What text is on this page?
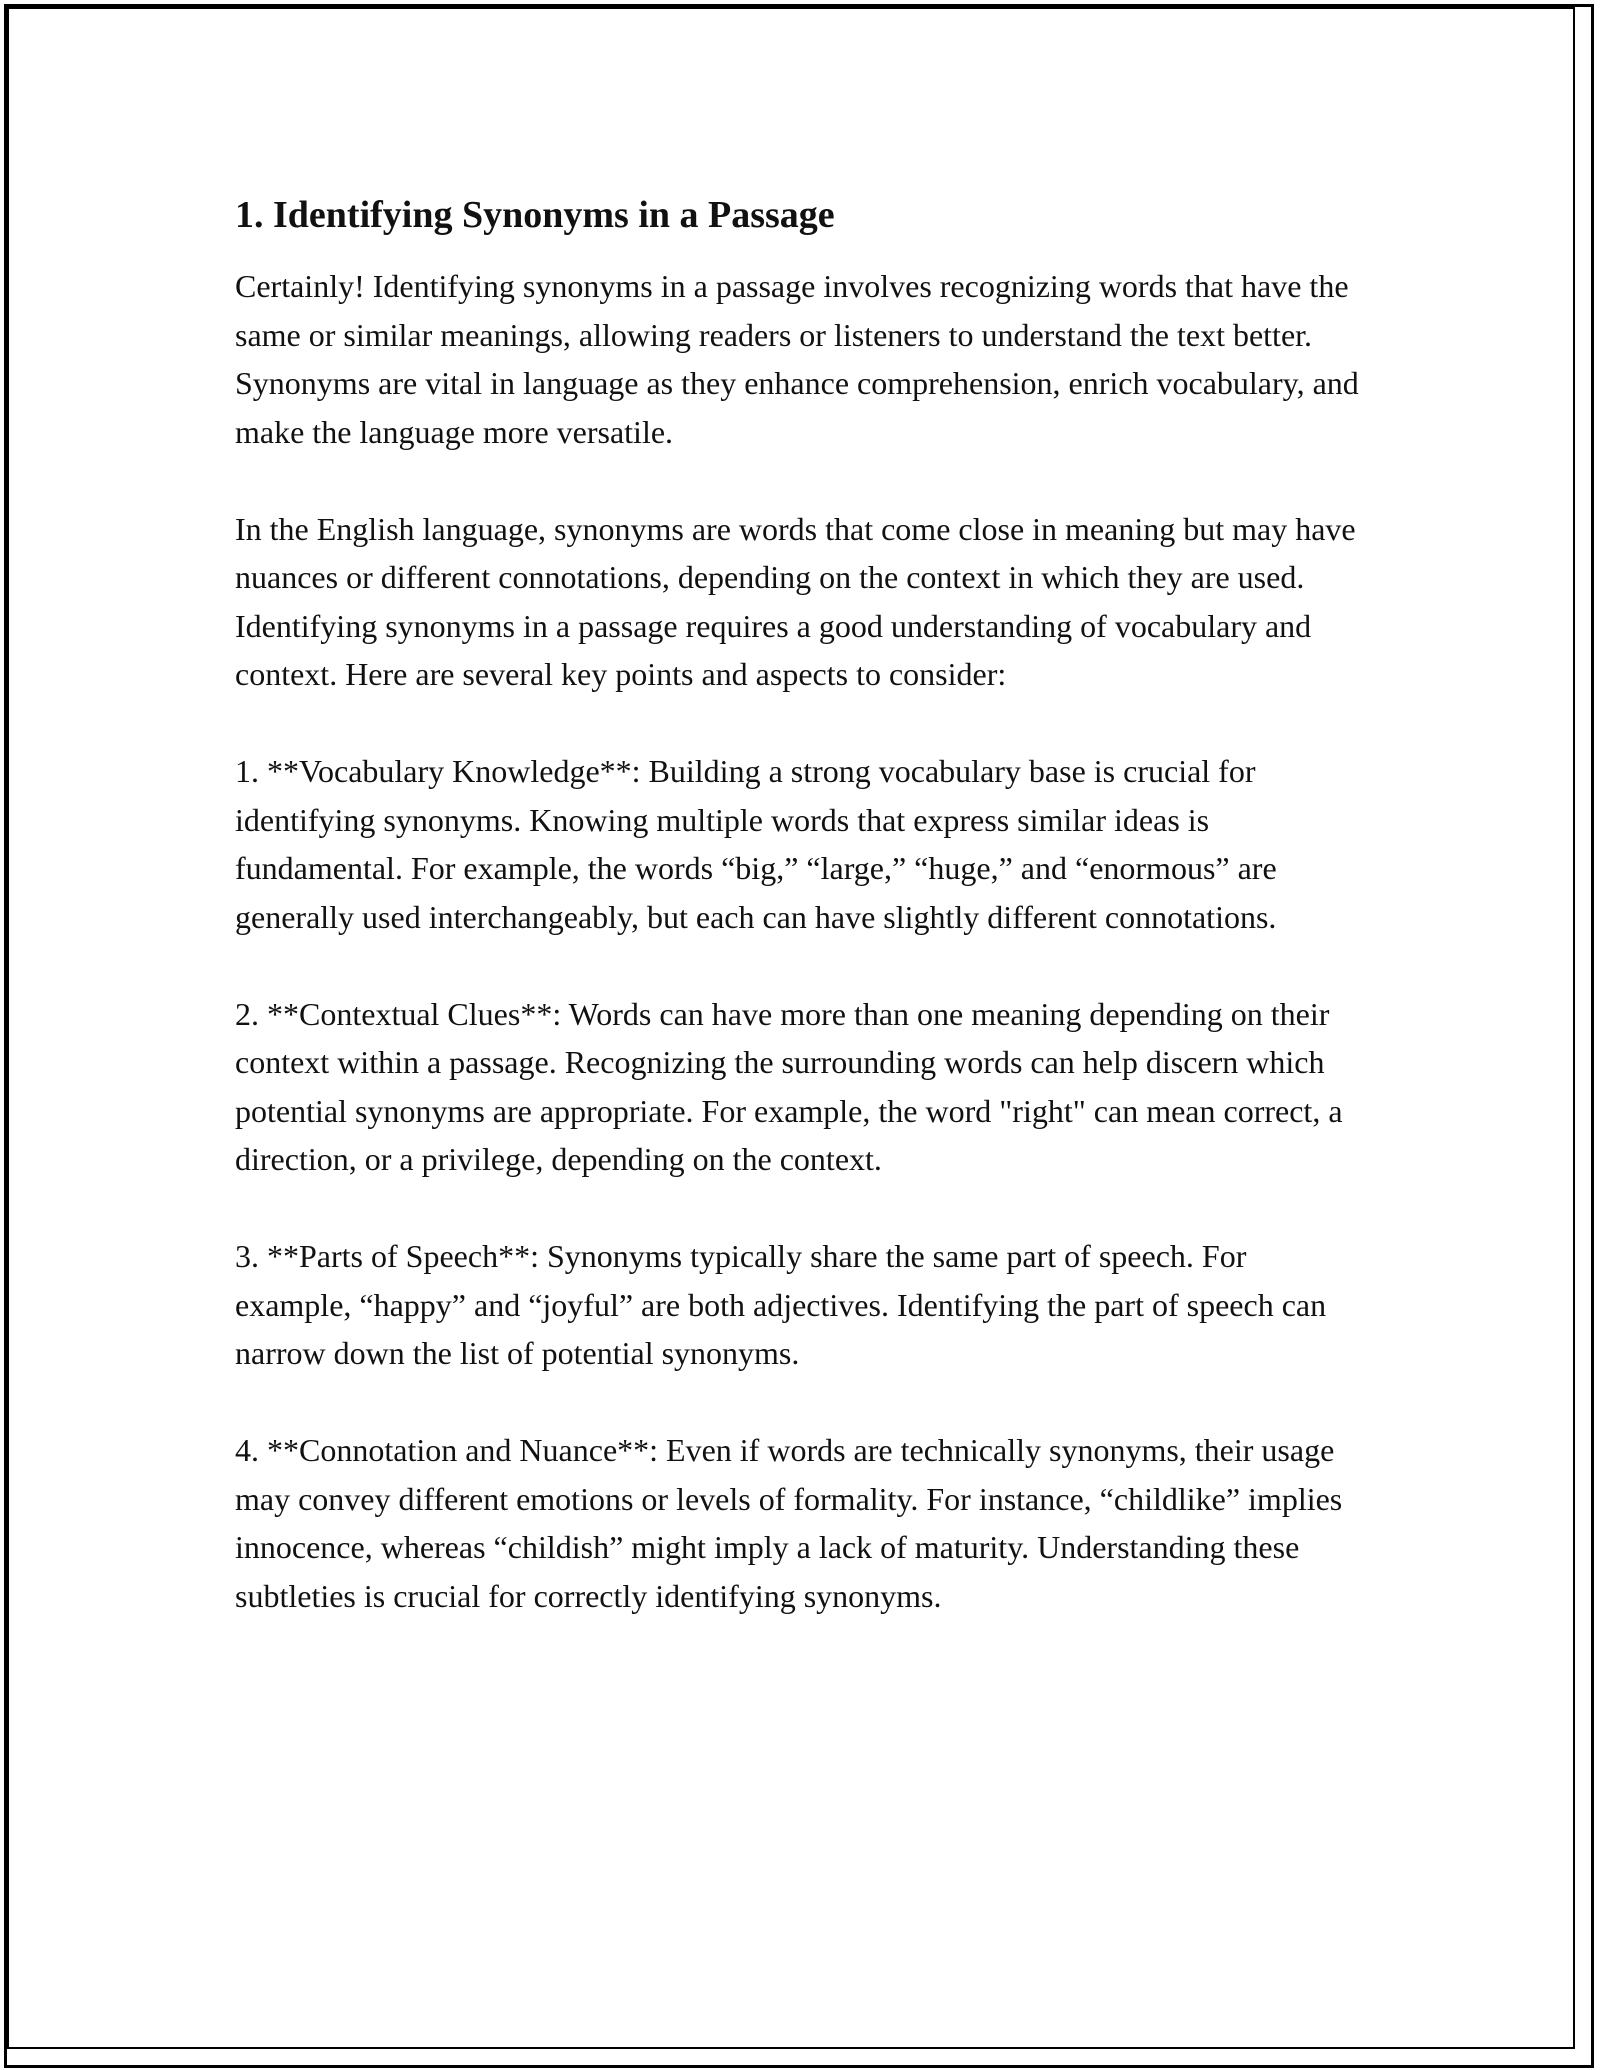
1. Identifying Synonyms in a Passage

Certainly! Identifying synonyms in a passage involves recognizing words that have the same or similar meanings, allowing readers or listeners to understand the text better. Synonyms are vital in language as they enhance comprehension, enrich vocabulary, and make the language more versatile.

In the English language, synonyms are words that come close in meaning but may have nuances or different connotations, depending on the context in which they are used. Identifying synonyms in a passage requires a good understanding of vocabulary and context. Here are several key points and aspects to consider:

1. **Vocabulary Knowledge**: Building a strong vocabulary base is crucial for identifying synonyms. Knowing multiple words that express similar ideas is fundamental. For example, the words “big,” “large,” “huge,” and “enormous” are generally used interchangeably, but each can have slightly different connotations.

2. **Contextual Clues**: Words can have more than one meaning depending on their context within a passage. Recognizing the surrounding words can help discern which potential synonyms are appropriate. For example, the word "right" can mean correct, a direction, or a privilege, depending on the context.

3. **Parts of Speech**: Synonyms typically share the same part of speech. For example, “happy” and “joyful” are both adjectives. Identifying the part of speech can narrow down the list of potential synonyms.

4. **Connotation and Nuance**: Even if words are technically synonyms, their usage may convey different emotions or levels of formality. For instance, “childlike” implies innocence, whereas “childish” might imply a lack of maturity. Understanding these subtleties is crucial for correctly identifying synonyms.
